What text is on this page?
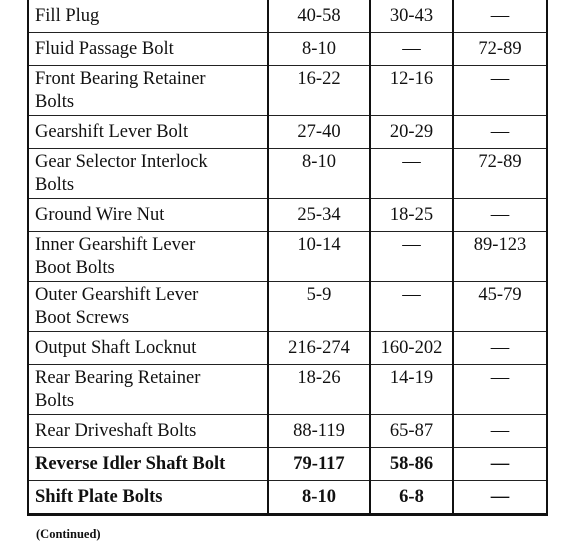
Fill Plug	40-58	30-43	—
Fluid Passage Bolt	8-10	—	72-89
Front Bearing Retainer
Bolts	16-22	12-16	—
Gearshift Lever Bolt	27-40	20-29	—
Gear Selector Interlock
Bolts	8-10	—	72-89
Ground Wire Nut	25-34	18-25	—
Inner Gearshift Lever
Boot Bolts	10-14	—	89-123
Outer Gearshift Lever
Boot Screws	5-9	—	45-79
Output Shaft Locknut	216-274	160-202	—
Rear Bearing Retainer
Bolts	18-26	14-19	—
Rear Driveshaft Bolts	88-119	65-87	—
Reverse Idler Shaft Bolt	79-117	58-86	—
Shift Plate Bolts	8-10	6-8	—
(Continued)
